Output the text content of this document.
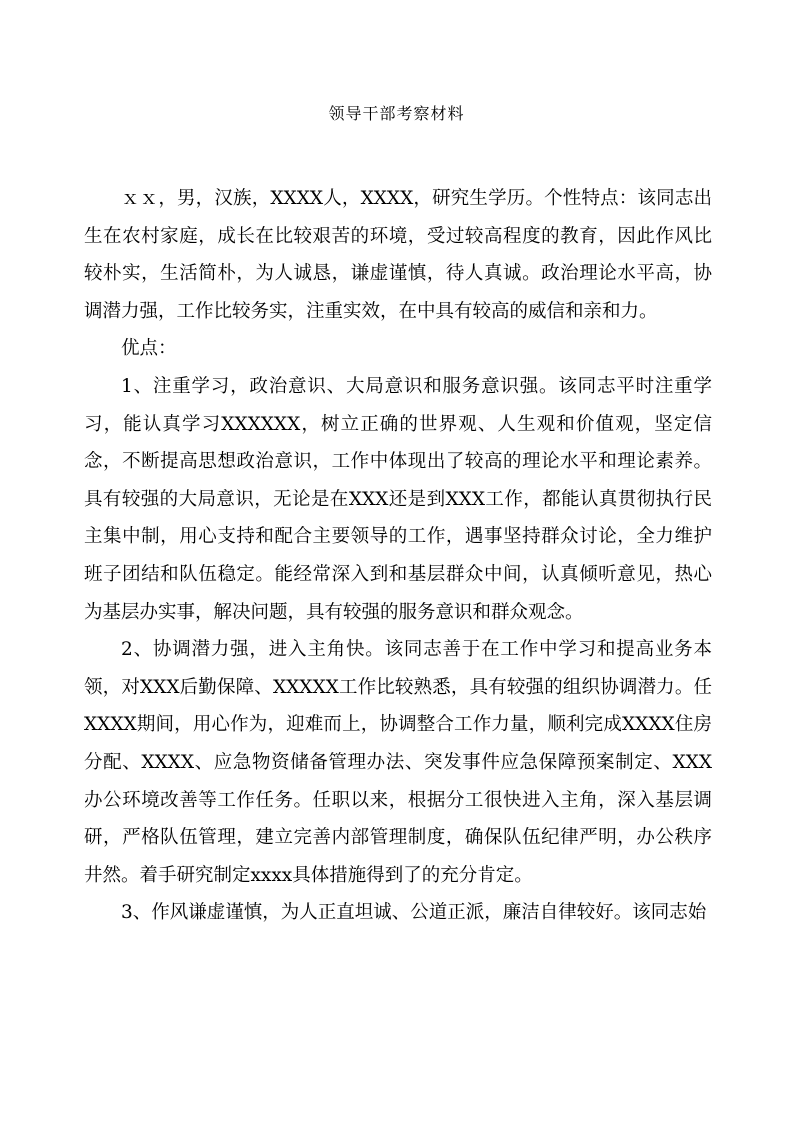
领导干部考察材料

ｘｘ，男，汉族，XXXX人，XXXX，研究生学历。个性特点：该同志出生在农村家庭，成长在比较艰苦的环境，受过较高程度的教育，因此作风比较朴实，生活简朴，为人诚恳，谦虚谨慎，待人真诚。政治理论水平高，协调潜力强，工作比较务实，注重实效，在中具有较高的威信和亲和力。

优点：

1、注重学习，政治意识、大局意识和服务意识强。该同志平时注重学习，能认真学习XXXXXX，树立正确的世界观、人生观和价值观，坚定信念，不断提高思想政治意识，工作中体现出了较高的理论水平和理论素养。具有较强的大局意识，无论是在XXX还是到XXX工作，都能认真贯彻执行民主集中制，用心支持和配合主要领导的工作，遇事坚持群众讨论，全力维护班子团结和队伍稳定。能经常深入到和基层群众中间，认真倾听意见，热心为基层办实事，解决问题，具有较强的服务意识和群众观念。

2、协调潜力强，进入主角快。该同志善于在工作中学习和提高业务本领，对XXX后勤保障、XXXXX工作比较熟悉，具有较强的组织协调潜力。任XXXX期间，用心作为，迎难而上，协调整合工作力量，顺利完成XXXX住房分配、XXXX、应急物资储备管理办法、突发事件应急保障预案制定、XXX办公环境改善等工作任务。任职以来，根据分工很快进入主角，深入基层调研，严格队伍管理，建立完善内部管理制度，确保队伍纪律严明，办公秩序井然。着手研究制定xxxx具体措施得到了的充分肯定。

3、作风谦虚谨慎，为人正直坦诚、公道正派，廉洁自律较好。该同志始
